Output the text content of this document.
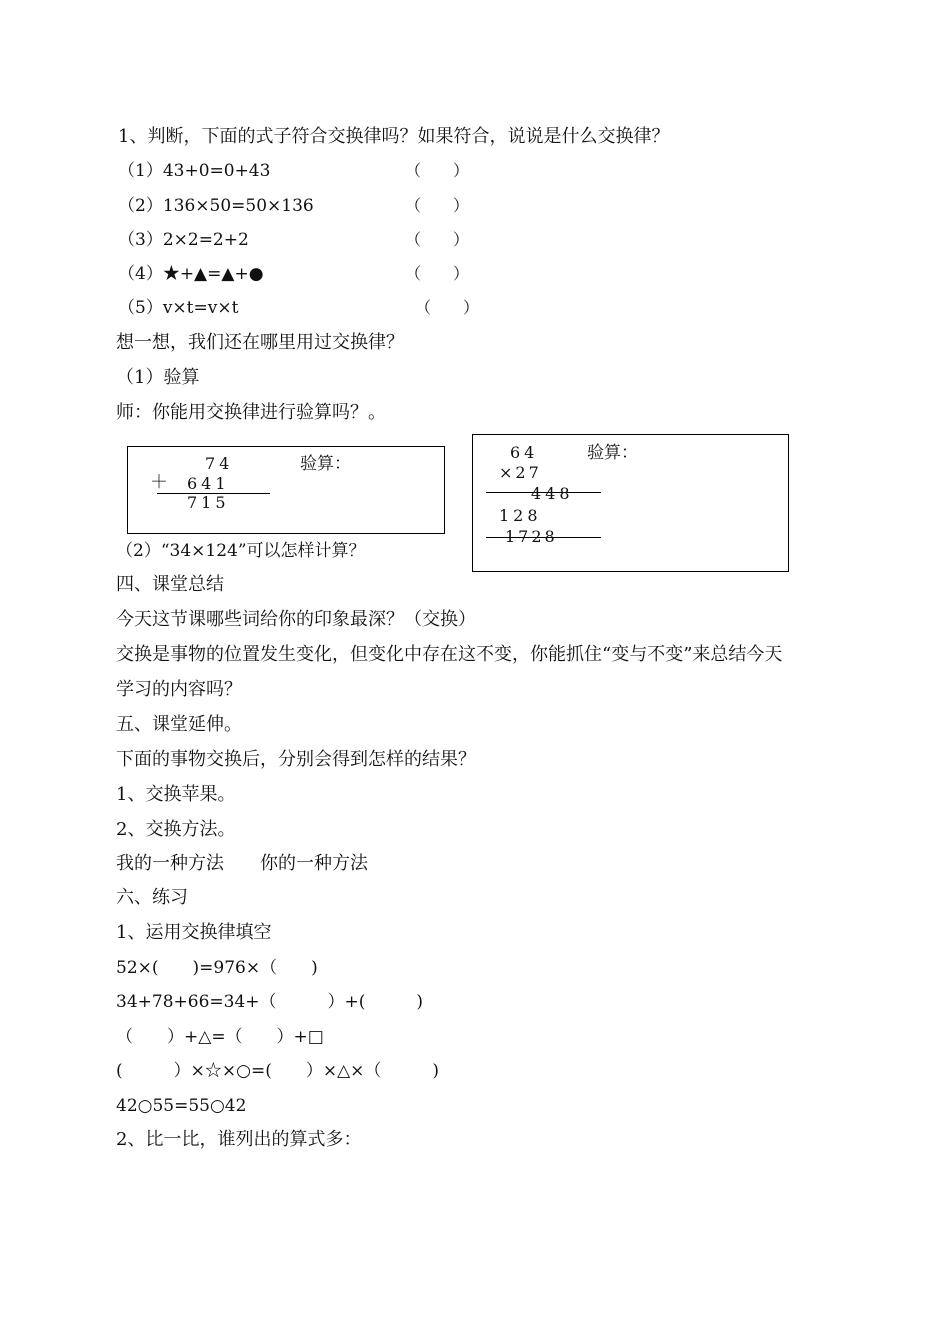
1、判断，下面的式子符合交换律吗？如果符合，说说是什么交换律？
（1）43+0=0+43	（　　）
（2）136×50=50×136	（　　）
（3）2×2=2+2	（　　）
（4）★+▲=▲+●	（　　）
（5）v×t=v×t	（　　）
想一想，我们还在哪里用过交换律？
（1）验算
师：你能用交换律进行验算吗？。
74	验算：
＋ 641
715
64	验算：
×27
448
128
1728
（2）“34×124”可以怎样计算？
四、课堂总结
今天这节课哪些词给你的印象最深？（交换）
交换是事物的位置发生变化，但变化中存在这不变，你能抓住“变与不变”来总结今天
学习的内容吗？
五、课堂延伸。
下面的事物交换后，分别会得到怎样的结果？
1、交换苹果。
2、交换方法。
我的一种方法　　你的一种方法
六、练习
1、运用交换律填空
52×(　　)=976×（　　)
34+78+66=34+（　　　）+(　　　)
（　　）+△=（　　）+□
(　　　）×☆×○=(　　）×△×（　　　)
42○55=55○42
2、比一比，谁列出的算式多：
